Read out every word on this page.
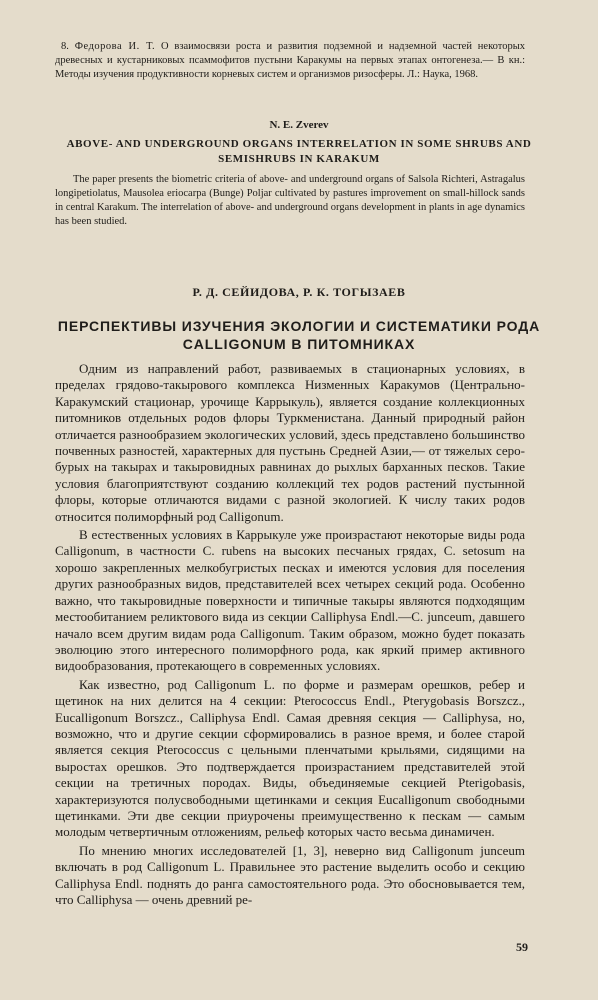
8. Федорова И. Т. О взаимосвязи роста и развития подземной и надземной частей некоторых древесных и кустарниковых псаммофитов пустыни Каракумы на первых этапах онтогенеза.— В кн.: Методы изучения продуктивности корневых систем и организмов ризосферы. Л.: Наука, 1968.

N. E. Zverev

ABOVE- AND UNDERGROUND ORGANS INTERRELATION IN SOME SHRUBS AND SEMISHRUBS IN KARAKUM

The paper presents the biometric criteria of above- and underground organs of Salsola Richteri, Astragalus longipetiolatus, Mausolea eriocarpa (Bunge) Poljar cultivated by pastures improvement on small-hillock sands in central Karakum. The interrelation of above- and underground organs development in plants in age dynamics has been studied.

Р. Д. СЕЙИДОВА, Р. К. ТОГЫЗАЕВ

ПЕРСПЕКТИВЫ ИЗУЧЕНИЯ ЭКОЛОГИИ И СИСТЕМАТИКИ РОДА CALLIGONUM В ПИТОМНИКАХ

Одним из направлений работ, развиваемых в стационарных условиях, в пределах грядово-такырового комплекса Низменных Каракумов (Центрально-Каракумский стационар, урочище Каррыкуль), является создание коллекционных питомников отдельных родов флоры Туркменистана. Данный природный район отличается разнообразием экологических условий, здесь представлено большинство почвенных разностей, характерных для пустынь Средней Азии,— от тяжелых серо-бурых на такырах и такыровидных равнинах до рыхлых барханных песков. Такие условия благоприятствуют созданию коллекций тех родов растений пустынной флоры, которые отличаются видами с разной экологией. К числу таких родов относится полиморфный род Calligonum.

В естественных условиях в Каррыкуле уже произрастают некоторые виды рода Calligonum, в частности C. rubens на высоких песчаных грядах, C. setosum на хорошо закрепленных мелкобугристых песках и имеются условия для поселения других разнообразных видов, представителей всех четырех секций рода. Особенно важно, что такыровидные поверхности и типичные такыры являются подходящим местообитанием реликтового вида из секции Calliphysa Endl.—C. junceum, давшего начало всем другим видам рода Calligonum. Таким образом, можно будет показать эволюцию этого интересного полиморфного рода, как яркий пример активного видообразования, протекающего в современных условиях.

Как известно, род Calligonum L. по форме и размерам орешков, ребер и щетинок на них делится на 4 секции: Pterococcus Endl., Pterygobasis Borszcz., Eucalligonum Borszcz., Calliphysa Endl. Самая древняя секция — Calliphysa, но, возможно, что и другие секции сформировались в разное время, и более старой является секция Pterococcus с цельными пленчатыми крыльями, сидящими на выростах орешков. Это подтверждается произрастанием представителей этой секции на третичных породах. Виды, объединяемые секцией Pterigobasis, характеризуются полусвободными щетинками и секция Eucalligonum свободными щетинками. Эти две секции приурочены преимущественно к пескам — самым молодым четвертичным отложениям, рельеф которых часто весьма динамичен.

По мнению многих исследователей [1, 3], неверно вид Calligonum junceum включать в род Calligonum L. Правильнее это растение выделить особо и секцию Calliphysa Endl. поднять до ранга самостоятельного рода. Это обосновывается тем, что Calliphysa — очень древний ре-

59
